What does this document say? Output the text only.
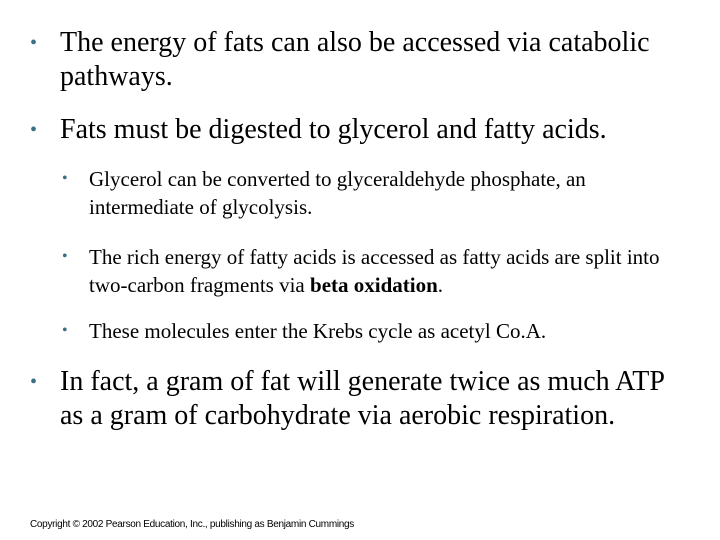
• The energy of fats can also be accessed via catabolic pathways.
• Fats must be digested to glycerol and fatty acids.
•	Glycerol can be converted to glyceraldehyde phosphate, an intermediate of glycolysis.
•	The rich energy of fatty acids is accessed as fatty acids are split into two-carbon fragments via beta oxidation.
•	These molecules enter the Krebs cycle as acetyl Co.A.
• In fact, a gram of fat will generate twice as much ATP as a gram of carbohydrate via aerobic respiration.
Copyright © 2002 Pearson Education, Inc., publishing as Benjamin Cummings
